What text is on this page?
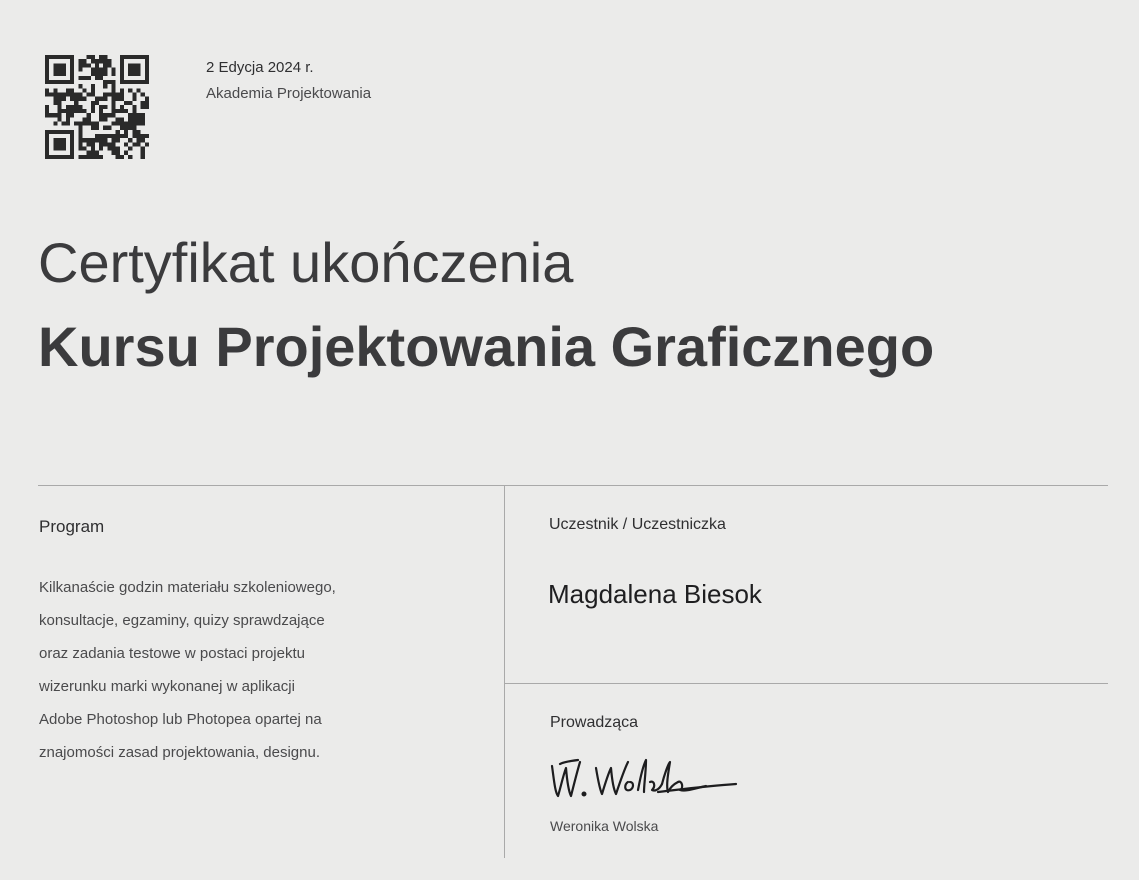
2 Edycja 2024 r.
Akademia Projektowania
Certyfikat ukończenia
Kursu Projektowania Graficznego
Program
Kilkanaście godzin materiału szkoleniowego,
konsultacje, egzaminy, quizy sprawdzające
oraz zadania testowe w postaci projektu
wizerunku marki wykonanej w aplikacji
Adobe Photoshop lub Photopea opartej na
znajomości zasad projektowania, designu.
Uczestnik / Uczestniczka
Magdalena Biesok
Prowadząca
Weronika Wolska
